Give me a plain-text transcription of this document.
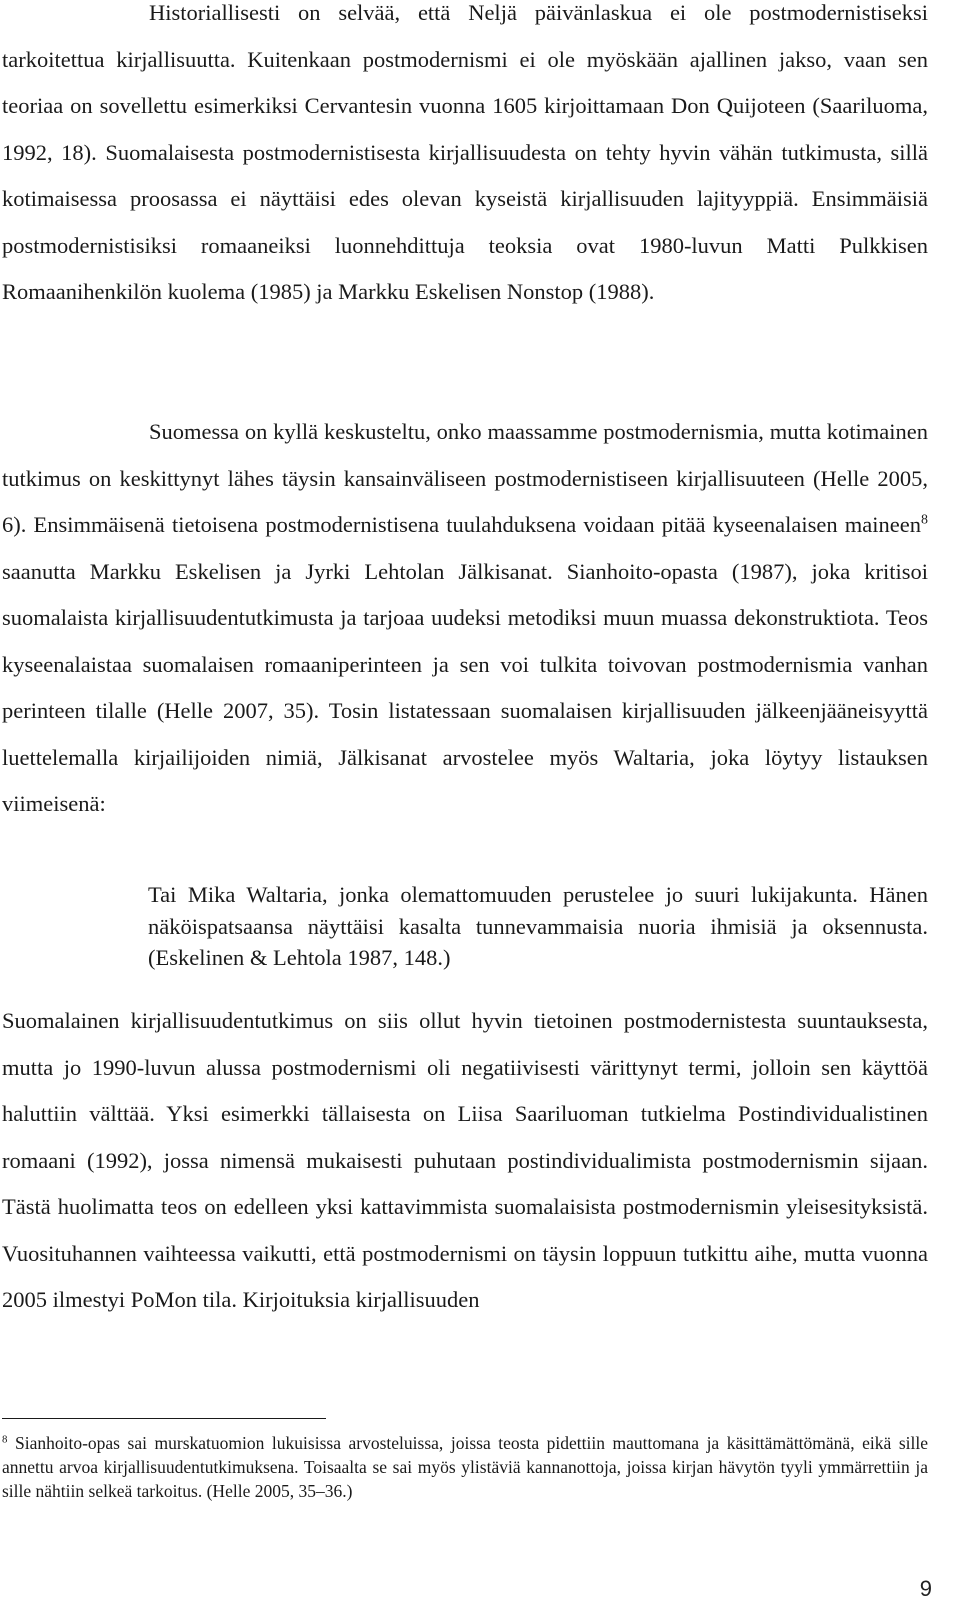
Historiallisesti on selvää, että Neljä päivänlaskua ei ole postmodernistiseksi tarkoitettua kirjallisuutta. Kuitenkaan postmodernismi ei ole myöskään ajallinen jakso, vaan sen teoriaa on sovellettu esimerkiksi Cervantesin vuonna 1605 kirjoittamaan Don Quijoteen (Saariluoma, 1992, 18). Suomalaisesta postmodernistisesta kirjallisuudesta on tehty hyvin vähän tutkimusta, sillä kotimaisessa proosassa ei näyttäisi edes olevan kyseistä kirjallisuuden lajityyppiä. Ensimmäisiä postmodernistisiksi romaaneiksi luonnehdittuja teoksia ovat 1980-luvun Matti Pulkkisen Romaanihenkilön kuolema (1985) ja Markku Eskelisen Nonstop (1988).

Suomessa on kyllä keskusteltu, onko maassamme postmodernismia, mutta kotimainen tutkimus on keskittynyt lähes täysin kansainväliseen postmodernistiseen kirjallisuuteen (Helle 2005, 6). Ensimmäisenä tietoisena postmodernistisena tuulahduksena voidaan pitää kyseenalaisen maineen$^8$ saanutta Markku Eskelisen ja Jyrki Lehtolan Jälkisanat. Sianhoito-opasta (1987), joka kritisoi suomalaista kirjallisuudentutkimusta ja tarjoaa uudeksi metodiksi muun muassa dekonstruktiota. Teos kyseenalaistaa suomalaisen romaaniperinteen ja sen voi tulkita toivovan postmodernismia vanhan perinteen tilalle (Helle 2007, 35). Tosin listatessaan suomalaisen kirjallisuuden jälkeenjääneisyyttä luettelemalla kirjailijoiden nimiä, Jälkisanat arvostelee myös Waltaria, joka löytyy listauksen viimeisenä:

Tai Mika Waltaria, jonka olemattomuuden perustelee jo suuri lukijakunta. Hänen näköispatsaansa näyttäisi kasalta tunnevammaisia nuoria ihmisiä ja oksennusta. (Eskelinen & Lehtola 1987, 148.)

Suomalainen kirjallisuudentutkimus on siis ollut hyvin tietoinen postmodernistesta suuntauksesta, mutta jo 1990-luvun alussa postmodernismi oli negatiivisesti värittynyt termi, jolloin sen käyttöä haluttiin välttää. Yksi esimerkki tällaisesta on Liisa Saariluoman tutkielma Postindividualistinen romaani (1992), jossa nimensä mukaisesti puhutaan postindividualimista postmodernismin sijaan. Tästä huolimatta teos on edelleen yksi kattavimmista suomalaisista postmodernismin yleisesityksistä. Vuosituhannen vaihteessa vaikutti, että postmodernismi on täysin loppuun tutkittu aihe, mutta vuonna 2005 ilmestyi PoMon tila. Kirjoituksia kirjallisuuden

$^8$ Sianhoito-opas sai murskatuomion lukuisissa arvosteluissa, joissa teosta pidettiin mauttomana ja käsittämättömänä, eikä sille annettu arvoa kirjallisuudentutkimuksena. Toisaalta se sai myös ylistäviä kannanottoja, joissa kirjan hävytön tyyli ymmärrettiin ja sille nähtiin selkeä tarkoitus. (Helle 2005, 35–36.)

9
